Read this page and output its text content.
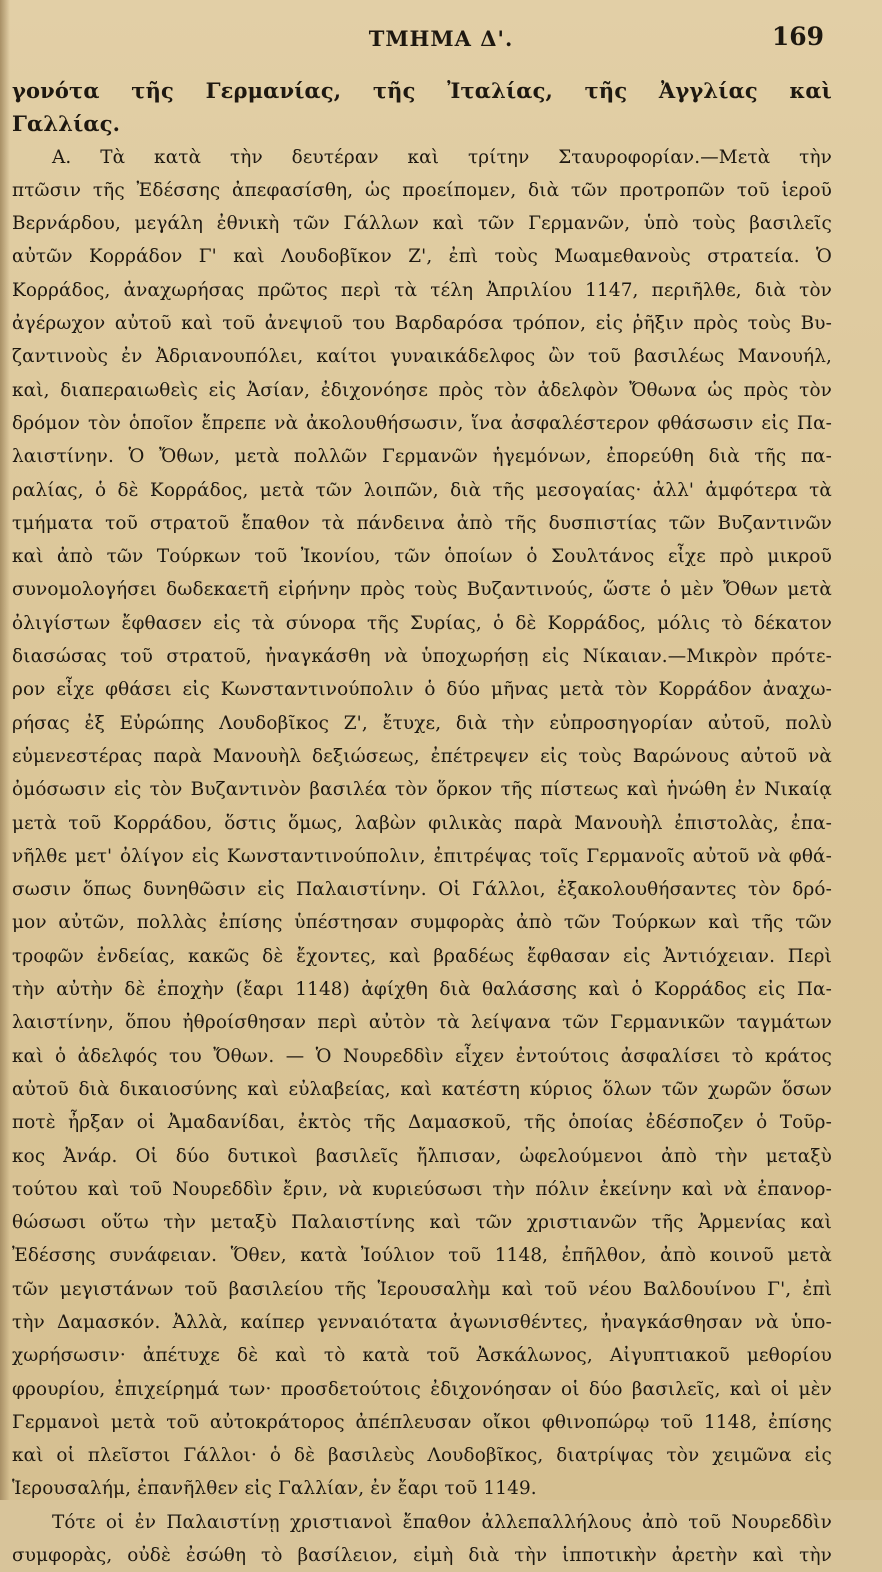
ΤΜΗΜΑ Δ'.	169
γονότα τῆς Γερμανίας, τῆς Ἰταλίας, τῆς Ἀγγλίας καὶ
Γαλλίας.
Α. Τὰ κατὰ τὴν δευτέραν καὶ τρίτην Σταυροφορίαν.—Μετὰ τὴν
πτῶσιν τῆς Ἐδέσσης ἀπεφασίσθη, ὡς προείπομεν, διὰ τῶν προτροπῶν τοῦ ἱεροῦ
Βερνάρδου, μεγάλη ἐθνικὴ τῶν Γάλλων καὶ τῶν Γερμανῶν, ὑπὸ τοὺς βασιλεῖς
αὐτῶν Κορράδον Γ' καὶ Λουδοβῖκον Ζ', ἐπὶ τοὺς Μωαμεθανοὺς στρατεία. Ὁ
Κορράδος, ἀναχωρήσας πρῶτος περὶ τὰ τέλη Ἀπριλίου 1147, περιῆλθε, διὰ τὸν
ἀγέρωχον αὐτοῦ καὶ τοῦ ἀνεψιοῦ του Βαρδαρόσα τρόπον, εἰς ῥῆξιν πρὸς τοὺς Βυ-
ζαντινοὺς ἐν Ἀδριανουπόλει, καίτοι γυναικάδελφος ὢν τοῦ βασιλέως Μανουήλ,
καὶ, διαπεραιωθεὶς εἰς Ἀσίαν, ἐδιχονόησε πρὸς τὸν ἀδελφὸν Ὄθωνα ὡς πρὸς τὸν
δρόμον τὸν ὁποῖον ἔπρεπε νὰ ἀκολουθήσωσιν, ἵνα ἀσφαλέστερον φθάσωσιν εἰς Πα-
λαιστίνην. Ὁ Ὄθων, μετὰ πολλῶν Γερμανῶν ἡγεμόνων, ἐπορεύθη διὰ τῆς πα-
ραλίας, ὁ δὲ Κορράδος, μετὰ τῶν λοιπῶν, διὰ τῆς μεσογαίας· ἀλλ' ἀμφότερα τὰ
τμήματα τοῦ στρατοῦ ἔπαθον τὰ πάνδεινα ἀπὸ τῆς δυσπιστίας τῶν Βυζαντινῶν
καὶ ἀπὸ τῶν Τούρκων τοῦ Ἰκονίου, τῶν ὁποίων ὁ Σουλτάνος εἶχε πρὸ μικροῦ
συνομολογήσει δωδεκαετῆ εἰρήνην πρὸς τοὺς Βυζαντινούς, ὥστε ὁ μὲν Ὄθων μετὰ
ὀλιγίστων ἔφθασεν εἰς τὰ σύνορα τῆς Συρίας, ὁ δὲ Κορράδος, μόλις τὸ δέκατον
διασώσας τοῦ στρατοῦ, ἠναγκάσθη νὰ ὑποχωρήσῃ εἰς Νίκαιαν.—Μικρὸν πρότε-
ρον εἶχε φθάσει εἰς Κωνσταντινούπολιν ὁ δύο μῆνας μετὰ τὸν Κορράδον ἀναχω-
ρήσας ἐξ Εὐρώπης Λουδοβῖκος Ζ', ἔτυχε, διὰ τὴν εὐπροσηγορίαν αὐτοῦ, πολὺ
εὐμενεστέρας παρὰ Μανουὴλ δεξιώσεως, ἐπέτρεψεν εἰς τοὺς Βαρώνους αὐτοῦ νὰ
ὀμόσωσιν εἰς τὸν Βυζαντινὸν βασιλέα τὸν ὅρκον τῆς πίστεως καὶ ἡνώθη ἐν Νικαίᾳ
μετὰ τοῦ Κορράδου, ὅστις ὅμως, λαβὼν φιλικὰς παρὰ Μανουὴλ ἐπιστολὰς, ἐπα-
νῆλθε μετ' ὀλίγον εἰς Κωνσταντινούπολιν, ἐπιτρέψας τοῖς Γερμανοῖς αὐτοῦ νὰ φθά-
σωσιν ὅπως δυνηθῶσιν εἰς Παλαιστίνην. Οἱ Γάλλοι, ἐξακολουθήσαντες τὸν δρό-
μον αὐτῶν, πολλὰς ἐπίσης ὑπέστησαν συμφορὰς ἀπὸ τῶν Τούρκων καὶ τῆς τῶν
τροφῶν ἐνδείας, κακῶς δὲ ἔχοντες, καὶ βραδέως ἔφθασαν εἰς Ἀντιόχειαν. Περὶ
τὴν αὐτὴν δὲ ἐποχὴν (ἔαρι 1148) ἀφίχθη διὰ θαλάσσης καὶ ὁ Κορράδος εἰς Πα-
λαιστίνην, ὅπου ἠθροίσθησαν περὶ αὐτὸν τὰ λείψανα τῶν Γερμανικῶν ταγμάτων
καὶ ὁ ἀδελφός του Ὄθων. — Ὁ Νουρεδδὶν εἶχεν ἐντούτοις ἀσφαλίσει τὸ κράτος
αὐτοῦ διὰ δικαιοσύνης καὶ εὐλαβείας, καὶ κατέστη κύριος ὅλων τῶν χωρῶν ὅσων
ποτὲ ἦρξαν οἱ Ἀμαδανίδαι, ἐκτὸς τῆς Δαμασκοῦ, τῆς ὁποίας ἐδέσποζεν ὁ Τοῦρ-
κος Ἀνάρ. Οἱ δύο δυτικοὶ βασιλεῖς ἤλπισαν, ὠφελούμενοι ἀπὸ τὴν μεταξὺ
τούτου καὶ τοῦ Νουρεδδὶν ἔριν, νὰ κυριεύσωσι τὴν πόλιν ἐκείνην καὶ νὰ ἐπανορ-
θώσωσι οὕτω τὴν μεταξὺ Παλαιστίνης καὶ τῶν χριστιανῶν τῆς Ἀρμενίας καὶ
Ἐδέσσης συνάφειαν. Ὅθεν, κατὰ Ἰούλιον τοῦ 1148, ἐπῆλθον, ἀπὸ κοινοῦ μετὰ
τῶν μεγιστάνων τοῦ βασιλείου τῆς Ἱερουσαλὴμ καὶ τοῦ νέου Βαλδουίνου Γ', ἐπὶ
τὴν Δαμασκόν. Ἀλλὰ, καίπερ γενναιότατα ἀγωνισθέντες, ἠναγκάσθησαν νὰ ὑπο-
χωρήσωσιν· ἀπέτυχε δὲ καὶ τὸ κατὰ τοῦ Ἀσκάλωνος, Αἰγυπτιακοῦ μεθορίου
φρουρίου, ἐπιχείρημά των· προσδετούτοις ἐδιχονόησαν οἱ δύο βασιλεῖς, καὶ οἱ μὲν
Γερμανοὶ μετὰ τοῦ αὐτοκράτορος ἀπέπλευσαν οἴκοι φθινοπώρῳ τοῦ 1148, ἐπίσης
καὶ οἱ πλεῖστοι Γάλλοι· ὁ δὲ βασιλεὺς Λουδοβῖκος, διατρίψας τὸν χειμῶνα εἰς
Ἱερουσαλήμ, ἐπανῆλθεν εἰς Γαλλίαν, ἐν ἔαρι τοῦ 1149.
Τότε οἱ ἐν Παλαιστίνῃ χριστιανοὶ ἔπαθον ἀλλεπαλλήλους ἀπὸ τοῦ Νουρεδδὶν
συμφορὰς, οὐδὲ ἐσώθη τὸ βασίλειον, εἰμὴ διὰ τὴν ἱπποτικὴν ἀρετὴν καὶ τὴν
